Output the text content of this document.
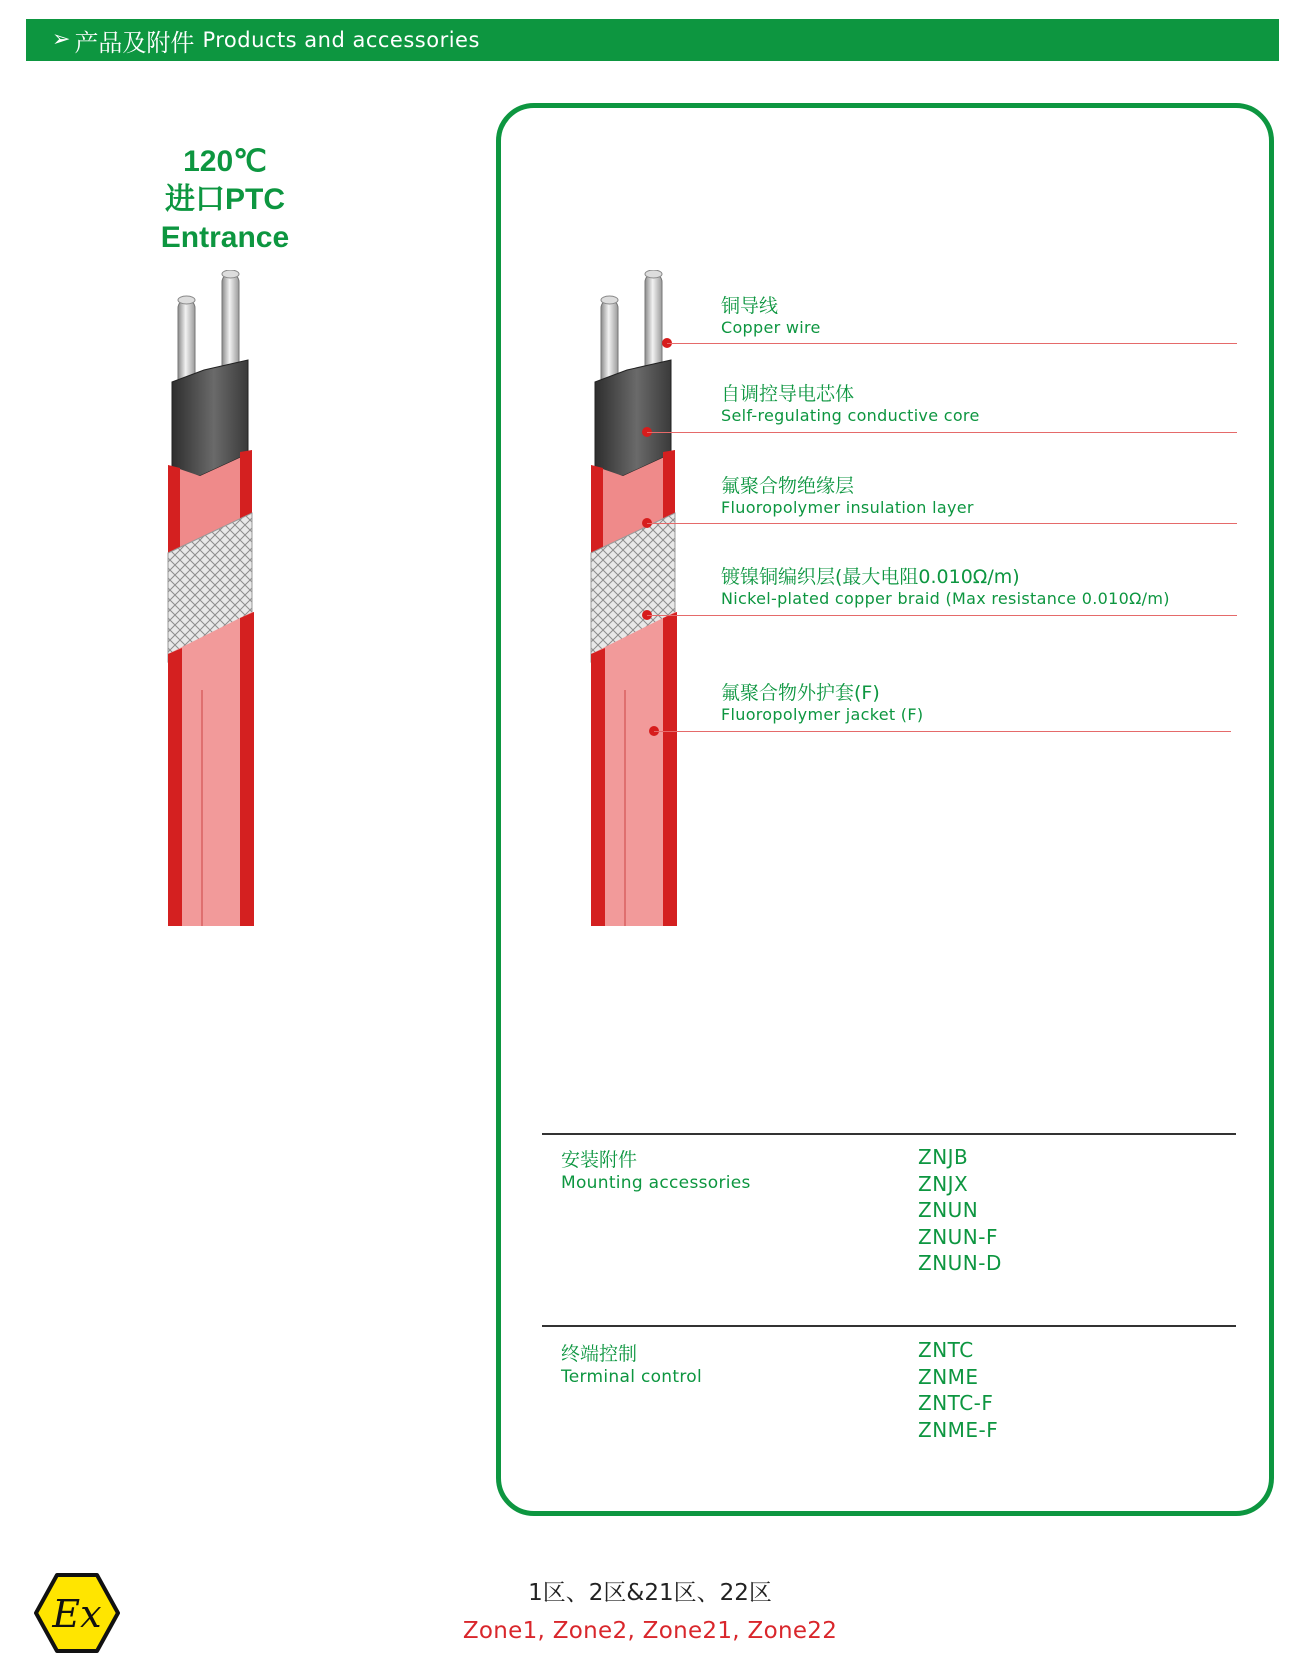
➢ 产品及附件 Products and accessories
120℃
进口PTC
Entrance
铜导线
Copper wire
自调控导电芯体
Self-regulating conductive core
氟聚合物绝缘层
Fluoropolymer insulation layer
镀镍铜编织层(最大电阻0.010Ω/m)
Nickel-plated copper braid (Max resistance 0.010Ω/m)
氟聚合物外护套(F)
Fluoropolymer jacket (F)
安装附件
Mounting accessories
ZNJB
ZNJX
ZNUN
ZNUN-F
ZNUN-D
终端控制
Terminal control
ZNTC
ZNME
ZNTC-F
ZNME-F
Ex	1区、2区&21区、22区
Zone1, Zone2, Zone21, Zone22
